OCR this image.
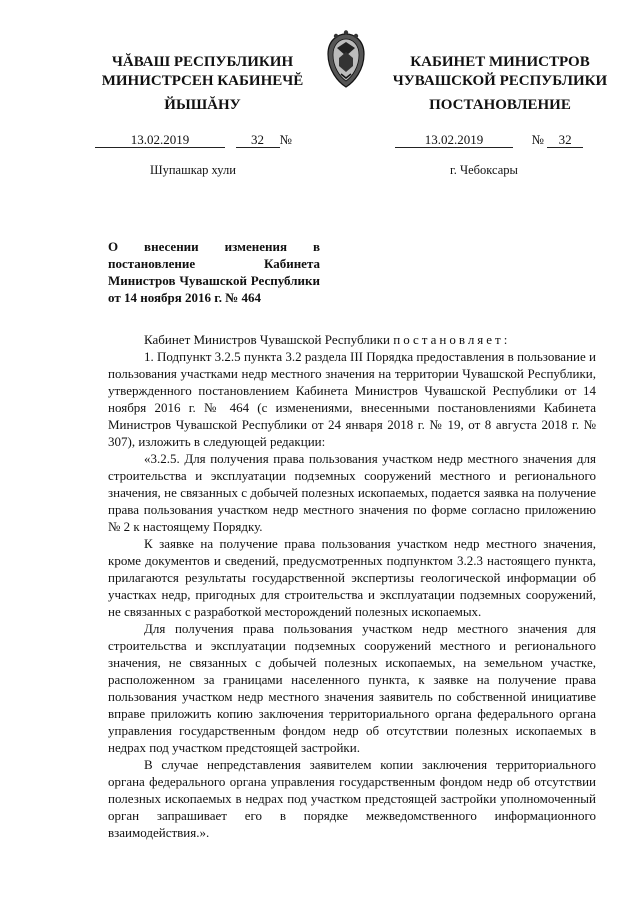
ЧĂВАШ РЕСПУБЛИКИН
МИНИСТРСЕН КАБИНЕЧĔ
КАБИНЕТ МИНИСТРОВ
ЧУВАШСКОЙ РЕСПУБЛИКИ
ЙЫШĂНУ	ПОСТАНОВЛЕНИЕ
13.02.2019	32 №	13.02.2019	№ 32
Шупашкар хули	г. Чебоксары
О внесении изменения в постановление Кабинета Министров Чувашской Республики от 14 ноября 2016 г. № 464

Кабинет Министров Чувашской Республики постановляет:

1. Подпункт 3.2.5 пункта 3.2 раздела III Порядка предоставления в пользование и пользования участками недр местного значения на территории Чувашской Республики, утвержденного постановлением Кабинета Министров Чувашской Республики от 14 ноября 2016 г. № 464 (с изменениями, внесенными постановлениями Кабинета Министров Чувашской Республики от 24 января 2018 г. № 19, от 8 августа 2018 г. № 307), изложить в следующей редакции:

«3.2.5. Для получения права пользования участком недр местного значения для строительства и эксплуатации подземных сооружений местного и регионального значения, не связанных с добычей полезных ископаемых, подается заявка на получение права пользования участком недр местного значения по форме согласно приложению № 2 к настоящему Порядку.

К заявке на получение права пользования участком недр местного значения, кроме документов и сведений, предусмотренных подпунктом 3.2.3 настоящего пункта, прилагаются результаты государственной экспертизы геологической информации об участках недр, пригодных для строительства и эксплуатации подземных сооружений, не связанных с разработкой месторождений полезных ископаемых.

Для получения права пользования участком недр местного значения для строительства и эксплуатации подземных сооружений местного и регионального значения, не связанных с добычей полезных ископаемых, на земельном участке, расположенном за границами населенного пункта, к заявке на получение права пользования участком недр местного значения заявитель по собственной инициативе вправе приложить копию заключения территориального органа федерального органа управления государственным фондом недр об отсутствии полезных ископаемых в недрах под участком предстоящей застройки.

В случае непредставления заявителем копии заключения территориального органа федерального органа управления государственным фондом недр об отсутствии полезных ископаемых в недрах под участком предстоящей застройки уполномоченный орган запрашивает его в порядке межведомственного информационного взаимодействия.».
